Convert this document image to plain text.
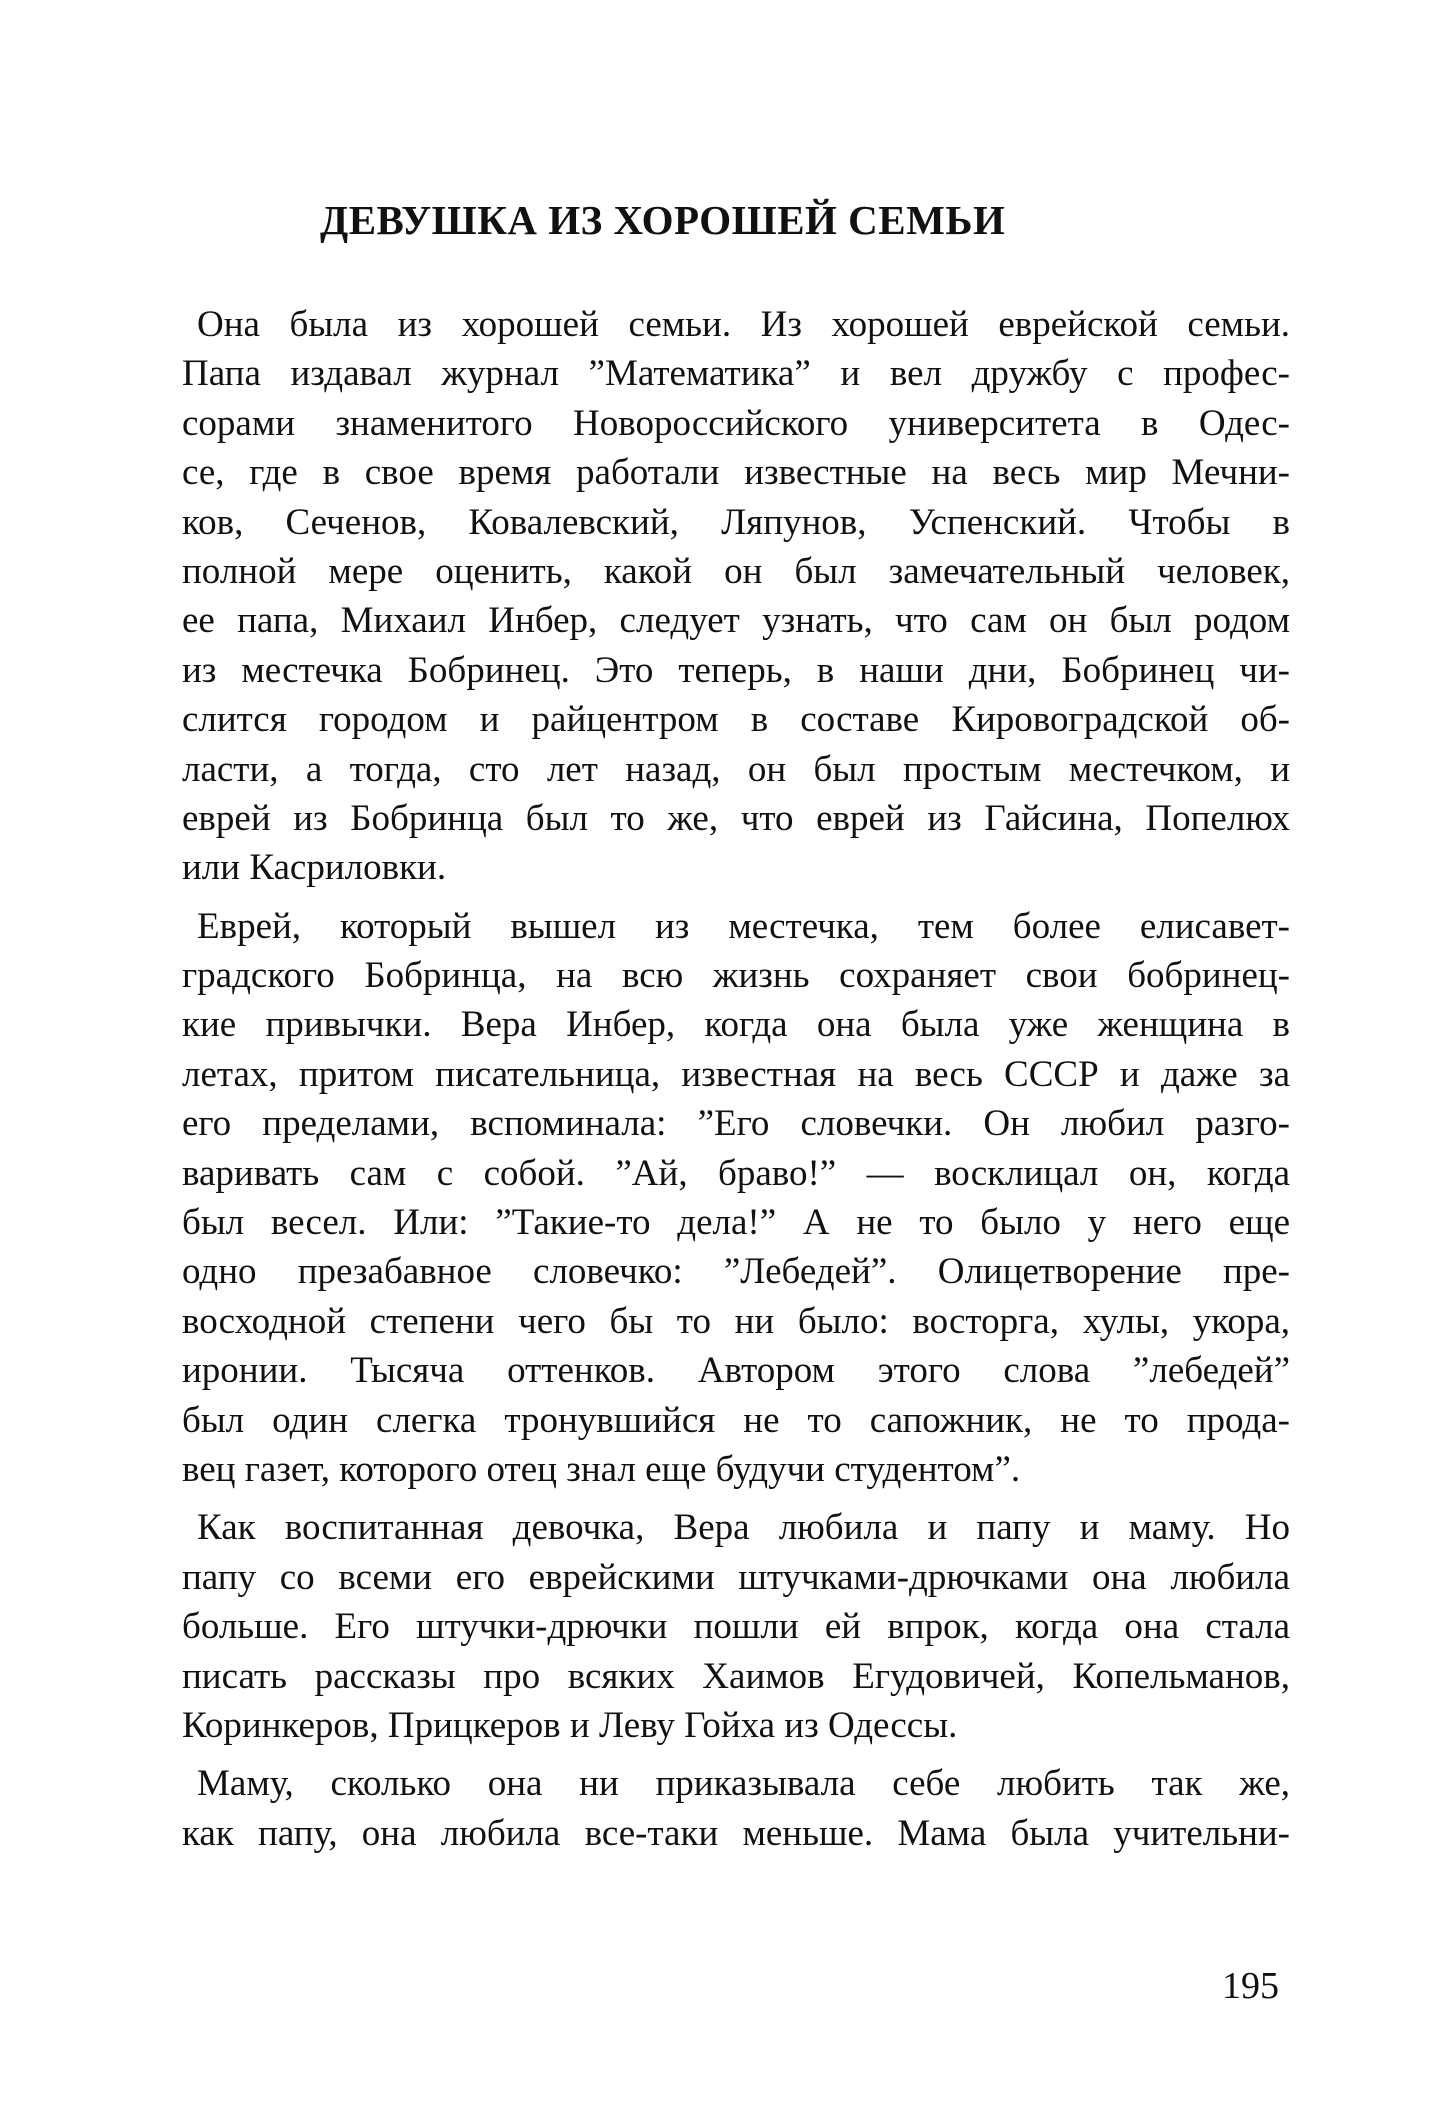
ДЕВУШКА ИЗ ХОРОШЕЙ СЕМЬИ
Она была из хорошей семьи. Из хорошей еврейской семьи.
Папа издавал журнал ”Математика” и вел дружбу с профес-
сорами знаменитого Новороссийского университета в Одес-
се, где в свое время работали известные на весь мир Мечни-
ков, Сеченов, Ковалевский, Ляпунов, Успенский. Чтобы в
полной мере оценить, какой он был замечательный человек,
ее папа, Михаил Инбер, следует узнать, что сам он был родом
из местечка Бобринец. Это теперь, в наши дни, Бобринец чи-
слится городом и райцентром в составе Кировоградской об-
ласти, а тогда, сто лет назад, он был простым местечком, и
еврей из Бобринца был то же, что еврей из Гайсина, Попелюх
или Касриловки.
Еврей, который вышел из местечка, тем более елисавет-
градского Бобринца, на всю жизнь сохраняет свои бобринец-
кие привычки. Вера Инбер, когда она была уже женщина в
летах, притом писательница, известная на весь СССР и даже за
его пределами, вспоминала: ”Его словечки. Он любил разго-
варивать сам с собой. ”Ай, браво!” — восклицал он, когда
был весел. Или: ”Такие-то дела!” А не то было у него еще
одно презабавное словечко: ”Лебедей”. Олицетворение пре-
восходной степени чего бы то ни было: восторга, хулы, укора,
иронии. Тысяча оттенков. Автором этого слова ”лебедей”
был один слегка тронувшийся не то сапожник, не то прода-
вец газет, которого отец знал еще будучи студентом”.
Как воспитанная девочка, Вера любила и папу и маму. Но
папу со всеми его еврейскими штучками-дрючками она любила
больше. Его штучки-дрючки пошли ей впрок, когда она стала
писать рассказы про всяких Хаимов Егудовичей, Копельманов,
Коринкеров, Прицкеров и Леву Гойха из Одессы.
Маму, сколько она ни приказывала себе любить так же,
как папу, она любила все-таки меньше. Мама была учительни-
195
